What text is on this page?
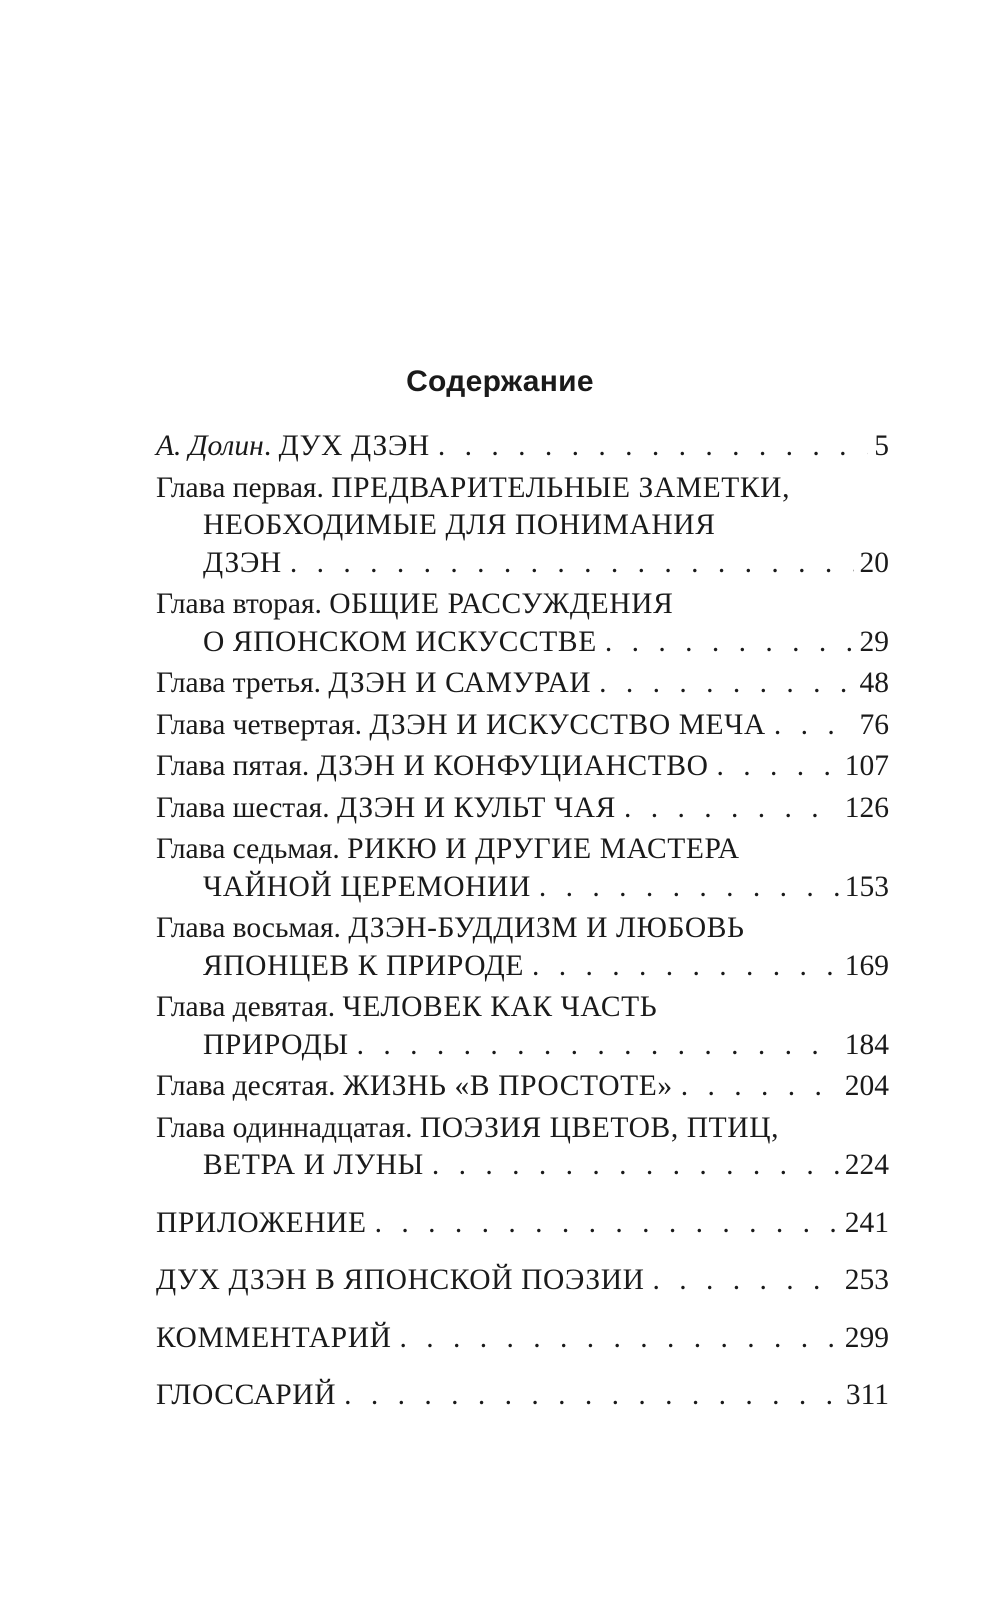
Содержание
А. Долин . ДУХ ДЗЭН . . .	5
Глава первая. ПРЕДВАРИТЕЛЬНЫЕ ЗАМЕТКИ,
НЕОБХОДИМЫЕ ДЛЯ ПОНИМАНИЯ
ДЗЭН . . .	20
Глава вторая. ОБЩИЕ РАССУЖДЕНИЯ
О ЯПОНСКОМ ИСКУССТВЕ . . .	29
Глава третья. ДЗЭН И САМУРАИ . . .	48
Глава четвертая. ДЗЭН И ИСКУССТВО МЕЧА . . .	76
Глава пятая. ДЗЭН И КОНФУЦИАНСТВО . . .	107
Глава шестая. ДЗЭН И КУЛЬТ ЧАЯ . . .	126
Глава седьмая. РИКЮ И ДРУГИЕ МАСТЕРА
ЧАЙНОЙ ЦЕРЕМОНИИ . . .	153
Глава восьмая. ДЗЭН-БУДДИЗМ И ЛЮБОВЬ
ЯПОНЦЕВ К ПРИРОДЕ . . .	169
Глава девятая. ЧЕЛОВЕК КАК ЧАСТЬ
ПРИРОДЫ . . .	184
Глава десятая. ЖИЗНЬ «В ПРОСТОТЕ» . . .	204
Глава одиннадцатая. ПОЭЗИЯ ЦВЕТОВ, ПТИЦ,
ВЕТРА И ЛУНЫ . . .	224
ПРИЛОЖЕНИЕ . . .	241
ДУХ ДЗЭН В ЯПОНСКОЙ ПОЭЗИИ . . .	253
КОММЕНТАРИЙ . . .	299
ГЛОССАРИЙ . . .	311
